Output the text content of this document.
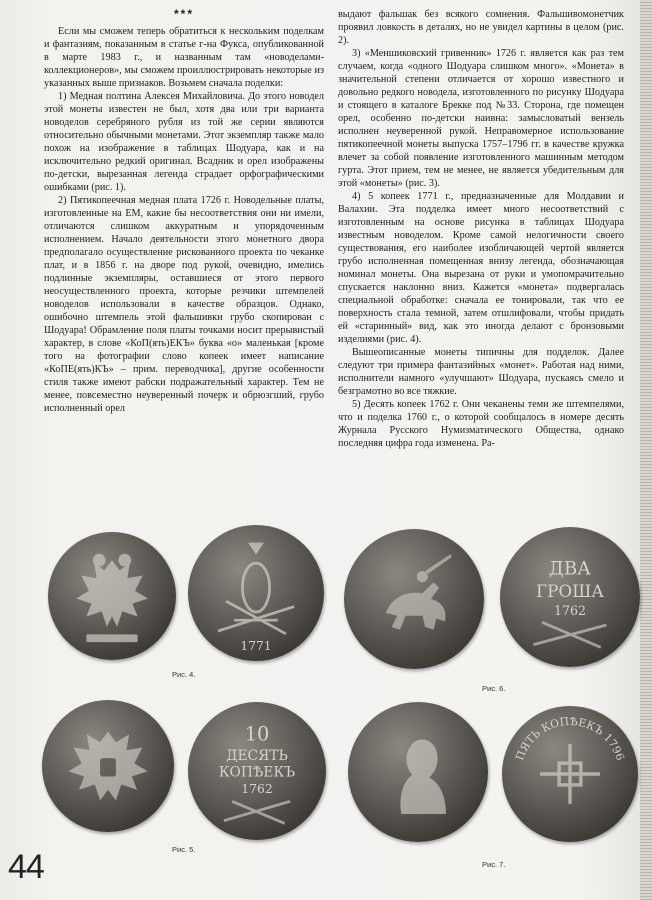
***

Если мы сможем теперь обратиться к нескольким поделкам и фантазиям, показанным в статье г-на Фукса, опубликованной в марте 1983 г., и названным там «новоделами-коллекционеров», мы сможем проиллюстрировать некоторые из указанных выше признаков. Возьмем сначала поделки:

1) Медная полтина Алексея Михайловича. До этого новодел этой монеты известен не был, хотя два или три варианта новоделов серебряного рубля из той же серии являются относительно обычными монетами. Этот экземпляр также мало похож на изображение в таблицах Шодуара, как и на исключительно редкий оригинал. Всадник и орел изображены по-детски, вырезанная легенда страдает орфографическими ошибками (рис. 1).

2) Пятикопеечная медная плата 1726 г. Новодельные платы, изготовленные на ЕМ, какие бы несоответствия они ни имели, отличаются слишком аккуратным и упорядоченным исполнением. Начало деятельности этого монетного двора предполагало осуществление рискованного проекта по чеканке плат, и в 1856 г. на дворе под рукой, очевидно, имелись подлинные экземпляры, оставшиеся от этого первого неосуществленного проекта, которые резчики штемпелей новоделов использовали в качестве образцов. Однако, ошибочно штемпель этой фальшивки грубо скопирован с Шодуара! Обрамление поля платы точками носит прерывистый характер, в слове «КоП(ять)ЕКЪ» буква «о» маленькая [кроме того на фотографии слово копеек имеет написание «КоПЕ(ять)КЪ» – прим. переводчика], другие особенности стиля также имеют рабски подражательный характер. Тем не менее, повсеместно неуверенный почерк и обрюзгший, грубо исполненный орел

выдают фальшак без всякого сомнения. Фальшивомонетчик проявил ловкость в деталях, но не увидел картины в целом (рис. 2).

3) «Меншиковский гривенник» 1726 г. является как раз тем случаем, когда «одного Шодуара слишком много». «Монета» в значительной степени отличается от хорошо известного и довольно редкого новодела, изготовленного по рисунку Шодуара и стоящего в каталоге Брекке под №33. Сторона, где помещен орел, особенно по-детски наивна: замысловатый вензель исполнен неуверенной рукой. Неправомерное использование пятикопеечной монеты выпуска 1757–1796 гг. в качестве кружка влечет за собой появление изготовленного машинным методом гурта. Этот прием, тем не менее, не является убедительным для этой «монеты» (рис. 3).

4) 5 копеек 1771 г., предназначенные для Молдавии и Валахии. Эта подделка имеет много несоответствий с изготовленным на основе рисунка в таблицах Шодуара известным новоделом. Кроме самой нелогичности своего существования, его наиболее изобличающей чертой является грубо исполненная помещенная внизу легенда, обозначающая номинал монеты. Она вырезана от руки и умопомрачительно спускается наклонно вниз. Кажется «монета» подвергалась специальной обработке: сначала ее тонировали, так что ее поверхность стала темной, затем отшлифовали, чтобы придать ей «старинный» вид, как это иногда делают с бронзовыми изделиями (рис. 4).

Вышеописанные монеты типичны для подделок. Далее следуют три примера фантазийных «монет». Работая над ними, исполнители намного «улучшают» Шодуара, пускаясь смело и безграмотно во все тяжкие.

5) Десять копеек 1762 г. Они чеканены теми же штемпелями, что и поделка 1760 г., о которой сообщалось в номере десять Журнала Русского Нумизматического Общества, однако последняя цифра года изменена. Ра-

1771
Рис. 4.
ДВА
ГРОША
1762
Рис. 6.
10
ДЕСЯТЬ
КОПѢЕКЪ
1762
Рис. 5.
ПЯТЬ КОПѢЕКЪ 1796
Рис. 7.
44
